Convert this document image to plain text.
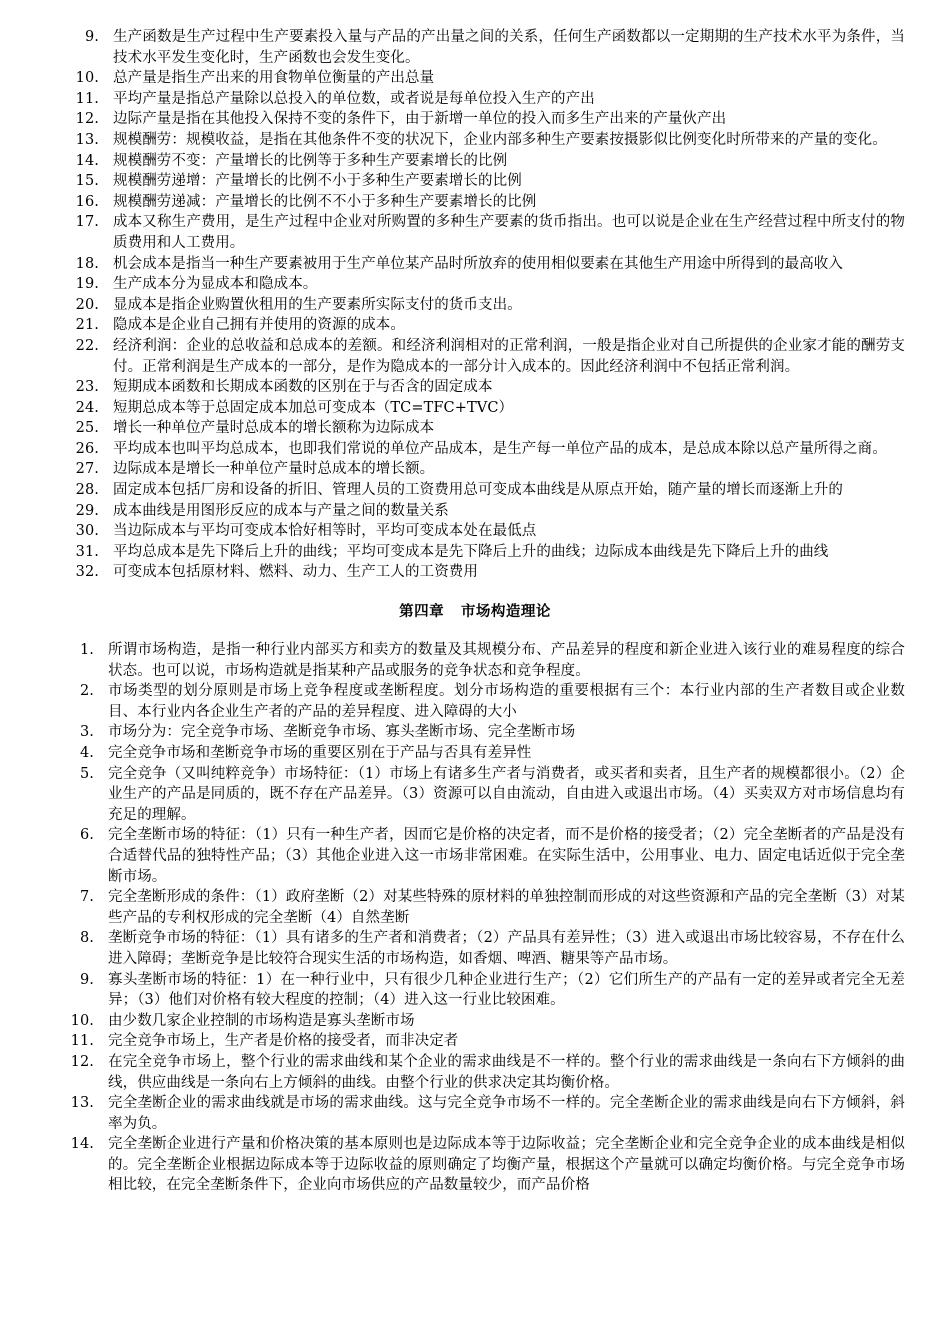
9. 生产函数是生产过程中生产要素投入量与产品的产出量之间的关系，任何生产函数都以一定期期的生产技术水平为条件，当技术水平发生变化时，生产函数也会发生变化。
10. 总产量是指生产出来的用食物单位衡量的产出总量
11. 平均产量是指总产量除以总投入的单位数，或者说是每单位投入生产的产出
12. 边际产量是指在其他投入保持不变的条件下，由于新增一单位的投入而多生产出来的产量伙产出
13. 规模酬劳：规模收益，是指在其他条件不变的状况下，企业内部多种生产要素按摄影似比例变化时所带来的产量的变化。
14. 规模酬劳不变：产量增长的比例等于多种生产要素增长的比例
15. 规模酬劳递增：产量增长的比例不小于多种生产要素增长的比例
16. 规模酬劳递减：产量增长的比例不不小于多种生产要素增长的比例
17. 成本又称生产费用，是生产过程中企业对所购置的多种生产要素的货币指出。也可以说是企业在生产经营过程中所支付的物质费用和人工费用。
18. 机会成本是指当一种生产要素被用于生产单位某产品时所放弃的使用相似要素在其他生产用途中所得到的最高收入
19. 生产成本分为显成本和隐成本。
20. 显成本是指企业购置伙租用的生产要素所实际支付的货币支出。
21. 隐成本是企业自己拥有并使用的资源的成本。
22. 经济利润：企业的总收益和总成本的差额。和经济利润相对的正常利润，一般是指企业对自己所提供的企业家才能的酬劳支付。正常利润是生产成本的一部分，是作为隐成本的一部分计入成本的。因此经济利润中不包括正常利润。
23. 短期成本函数和长期成本函数的区别在于与否含的固定成本
24. 短期总成本等于总固定成本加总可变成本（TC=TFC+TVC）
25. 增长一种单位产量时总成本的增长额称为边际成本
26. 平均成本也叫平均总成本，也即我们常说的单位产品成本，是生产每一单位产品的成本，是总成本除以总产量所得之商。
27. 边际成本是增长一种单位产量时总成本的增长额。
28. 固定成本包括厂房和设备的折旧、管理人员的工资费用总可变成本曲线是从原点开始，随产量的增长而逐渐上升的
29. 成本曲线是用图形反应的成本与产量之间的数量关系
30. 当边际成本与平均可变成本恰好相等时，平均可变成本处在最低点
31. 平均总成本是先下降后上升的曲线；平均可变成本是先下降后上升的曲线；边际成本曲线是先下降后上升的曲线
32. 可变成本包括原材料、燃料、动力、生产工人的工资费用
第四章 市场构造理论
1. 所谓市场构造，是指一种行业内部买方和卖方的数量及其规模分布、产品差异的程度和新企业进入该行业的难易程度的综合状态。也可以说，市场构造就是指某种产品或服务的竞争状态和竞争程度。
2. 市场类型的划分原则是市场上竞争程度或垄断程度。划分市场构造的重要根据有三个：本行业内部的生产者数目或企业数目、本行业内各企业生产者的产品的差异程度、进入障碍的大小
3. 市场分为：完全竞争市场、垄断竞争市场、寡头垄断市场、完全垄断市场
4. 完全竞争市场和垄断竞争市场的重要区别在于产品与否具有差异性
5. 完全竞争（又叫纯粹竞争）市场特征：（1）市场上有诸多生产者与消费者，或买者和卖者，且生产者的规模都很小。（2）企业生产的产品是同质的，既不存在产品差异。（3）资源可以自由流动，自由进入或退出市场。（4）买卖双方对市场信息均有充足的理解。
6. 完全垄断市场的特征：（1）只有一种生产者，因而它是价格的决定者，而不是价格的接受者；（2）完全垄断者的产品是没有合适替代品的独特性产品；（3）其他企业进入这一市场非常困难。在实际生活中，公用事业、电力、固定电话近似于完全垄断市场。
7. 完全垄断形成的条件：（1）政府垄断（2）对某些特殊的原材料的单独控制而形成的对这些资源和产品的完全垄断（3）对某些产品的专利权形成的完全垄断（4）自然垄断
8. 垄断竞争市场的特征：（1）具有诸多的生产者和消费者；（2）产品具有差异性；（3）进入或退出市场比较容易，不存在什么进入障碍；垄断竞争是比较符合现实生活的市场构造，如香烟、啤酒、糖果等产品市场。
9. 寡头垄断市场的特征：1）在一种行业中，只有很少几种企业进行生产；（2）它们所生产的产品有一定的差异或者完全无差异；（3）他们对价格有较大程度的控制；（4）进入这一行业比较困难。
10. 由少数几家企业控制的市场构造是寡头垄断市场
11. 完全竞争市场上，生产者是价格的接受者，而非决定者
12. 在完全竞争市场上，整个行业的需求曲线和某个企业的需求曲线是不一样的。整个行业的需求曲线是一条向右下方倾斜的曲线，供应曲线是一条向右上方倾斜的曲线。由整个行业的供求决定其均衡价格。
13. 完全垄断企业的需求曲线就是市场的需求曲线。这与完全竞争市场不一样的。完全垄断企业的需求曲线是向右下方倾斜，斜率为负。
14. 完全垄断企业进行产量和价格决策的基本原则也是边际成本等于边际收益；完全垄断企业和完全竞争企业的成本曲线是相似的。完全垄断企业根据边际成本等于边际收益的原则确定了均衡产量，根据这个产量就可以确定均衡价格。与完全竞争市场相比较，在完全垄断条件下，企业向市场供应的产品数量较少，而产品价格
